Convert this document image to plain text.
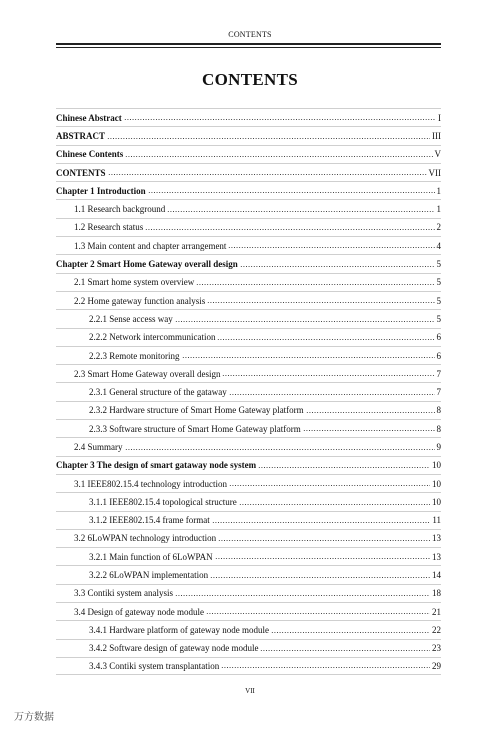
CONTENTS
CONTENTS
Chinese Abstract	I
ABSTRACT	III
Chinese Contents	V
CONTENTS	VII
Chapter 1 Introduction	1
1.1 Research background	1
1.2 Research status	2
1.3 Main content and chapter arrangement	4
Chapter 2 Smart Home Gateway overall design	5
2.1 Smart home system overview	5
2.2 Home gateway function analysis	5
2.2.1 Sense access way	5
2.2.2 Network intercommunication	6
2.2.3 Remote monitoring	6
2.3 Smart Home Gateway overall design	7
2.3.1 General structure of the gataway	7
2.3.2 Hardware structure of Smart Home Gateway platform	8
2.3.3 Software structure of Smart Home Gateway platform	8
2.4 Summary	9
Chapter 3 The design of smart gataway node system	10
3.1 IEEE802.15.4 technology introduction	10
3.1.1 IEEE802.15.4 topological structure	10
3.1.2 IEEE802.15.4 frame format	11
3.2 6LoWPAN technology introduction	13
3.2.1 Main function of 6LoWPAN	13
3.2.2 6LoWPAN implementation	14
3.3 Contiki system analysis	18
3.4 Design of gateway node module	21
3.4.1 Hardware platform of gateway node module	22
3.4.2 Software design of gateway node module	23
3.4.3 Contiki system transplantation	29
VII
万方数据
